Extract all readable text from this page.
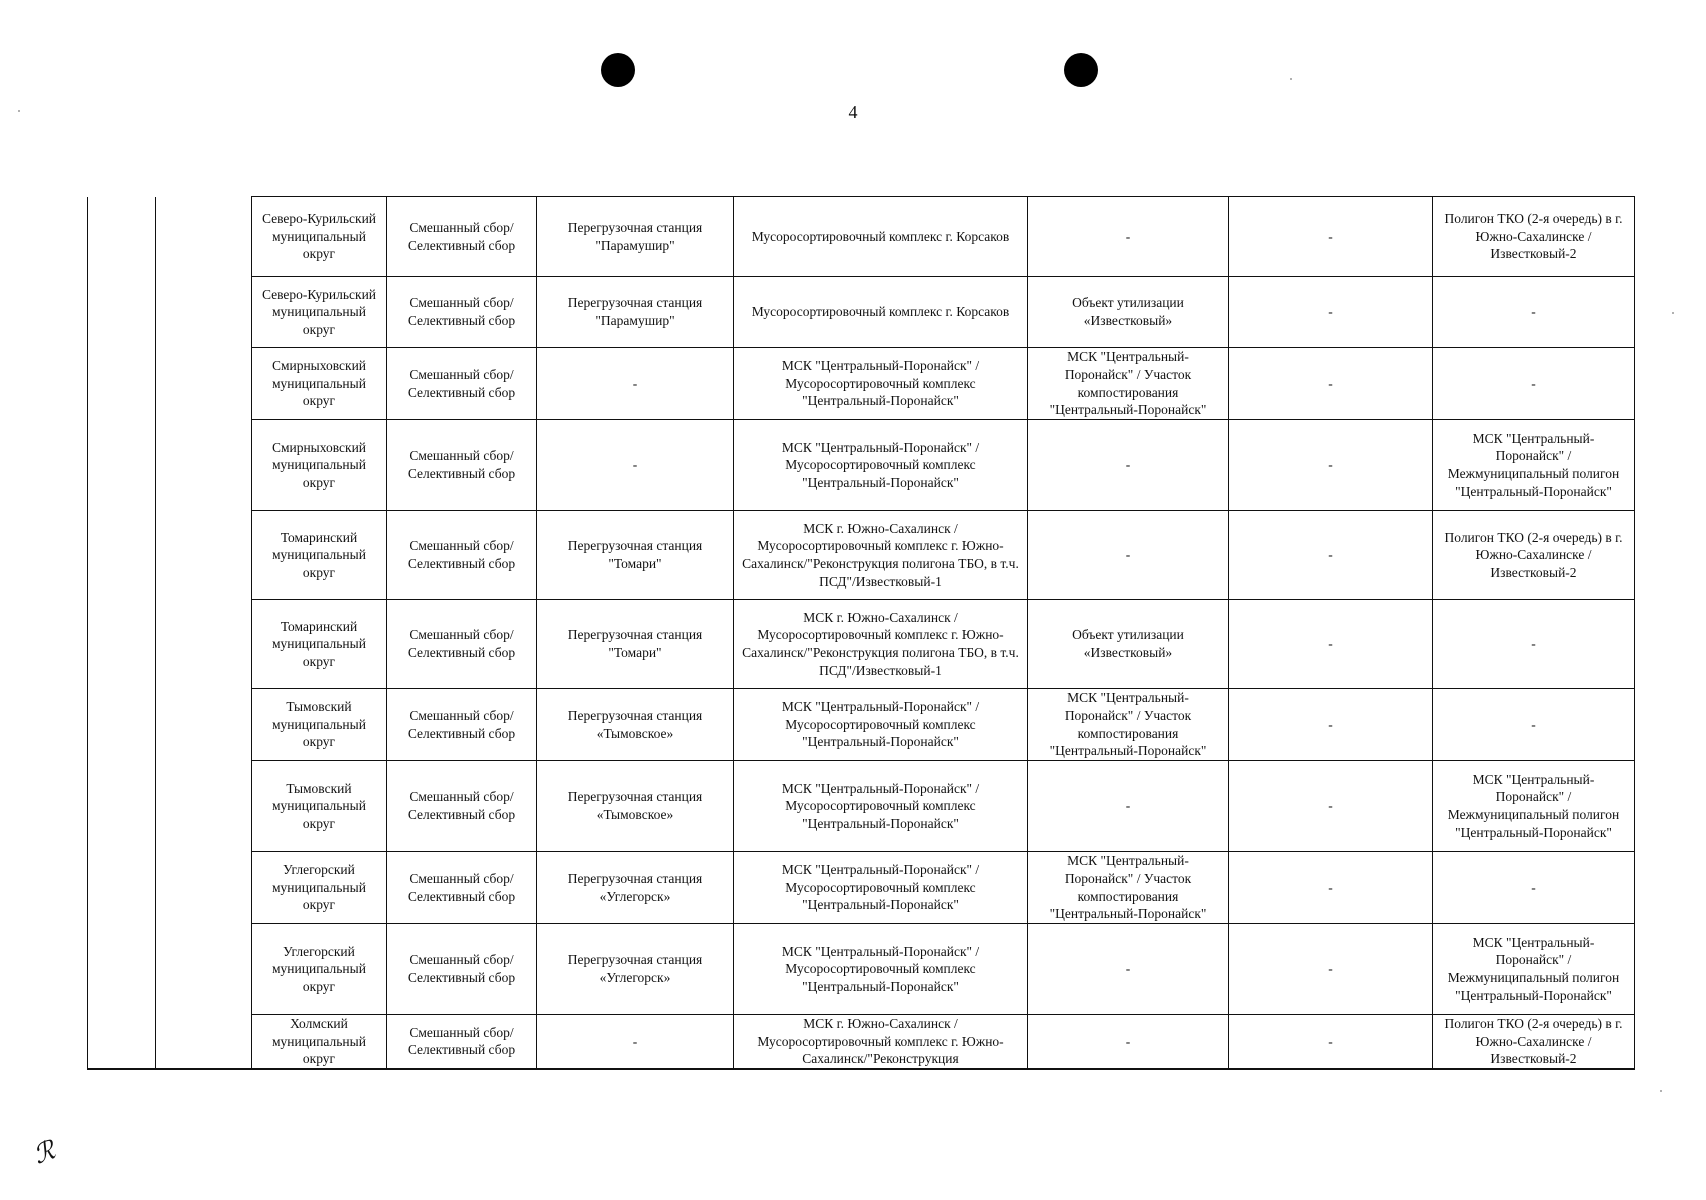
4
		Северо-Курильский муниципальный округ	Смешанный сбор/ Селективный сбор	Перегрузочная станция "Парамушир"	Мусоросортировочный комплекс г. Корсаков	-	-	Полигон ТКО (2-я очередь) в г. Южно-Сахалинске / Известковый-2
		Северо-Курильский муниципальный округ	Смешанный сбор/ Селективный сбор	Перегрузочная станция "Парамушир"	Мусоросортировочный комплекс г. Корсаков	Объект утилизации «Известковый»	-	-
		Смирныховский муниципальный округ	Смешанный сбор/ Селективный сбор	-	МСК "Центральный-Поронайск" / Мусоросортировочный комплекс "Центральный-Поронайск"	МСК "Центральный-Поронайск" / Участок компостирования "Центральный-Поронайск"	-	-
		Смирныховский муниципальный округ	Смешанный сбор/ Селективный сбор	-	МСК "Центральный-Поронайск" / Мусоросортировочный комплекс "Центральный-Поронайск"	-	-	МСК "Центральный-Поронайск" / Межмуниципальный полигон "Центральный-Поронайск"
		Томаринский муниципальный округ	Смешанный сбор/ Селективный сбор	Перегрузочная станция "Томари"	МСК г. Южно-Сахалинск / Мусоросортировочный комплекс г. Южно-Сахалинск/"Реконструкция полигона ТБО, в т.ч. ПСД"/Известковый-1	-	-	Полигон ТКО (2-я очередь) в г. Южно-Сахалинске / Известковый-2
		Томаринский муниципальный округ	Смешанный сбор/ Селективный сбор	Перегрузочная станция "Томари"	МСК г. Южно-Сахалинск / Мусоросортировочный комплекс г. Южно-Сахалинск/"Реконструкция полигона ТБО, в т.ч. ПСД"/Известковый-1	Объект утилизации «Известковый»	-	-
		Тымовский муниципальный округ	Смешанный сбор/ Селективный сбор	Перегрузочная станция «Тымовское»	МСК "Центральный-Поронайск" / Мусоросортировочный комплекс "Центральный-Поронайск"	МСК "Центральный-Поронайск" / Участок компостирования "Центральный-Поронайск"	-	-
		Тымовский муниципальный округ	Смешанный сбор/ Селективный сбор	Перегрузочная станция «Тымовское»	МСК "Центральный-Поронайск" / Мусоросортировочный комплекс "Центральный-Поронайск"	-	-	МСК "Центральный-Поронайск" / Межмуниципальный полигон "Центральный-Поронайск"
		Углегорский муниципальный округ	Смешанный сбор/ Селективный сбор	Перегрузочная станция «Углегорск»	МСК "Центральный-Поронайск" / Мусоросортировочный комплекс "Центральный-Поронайск"	МСК "Центральный-Поронайск" / Участок компостирования "Центральный-Поронайск"	-	-
		Углегорский муниципальный округ	Смешанный сбор/ Селективный сбор	Перегрузочная станция «Углегорск»	МСК "Центральный-Поронайск" / Мусоросортировочный комплекс "Центральный-Поронайск"	-	-	МСК "Центральный-Поронайск" / Межмуниципальный полигон "Центральный-Поронайск"
		Холмский муниципальный округ	Смешанный сбор/ Селективный сбор	-	МСК г. Южно-Сахалинск / Мусоросортировочный комплекс г. Южно-Сахалинск/"Реконструкция	-	-	Полигон ТКО (2-я очередь) в г. Южно-Сахалинске / Известковый-2
ℛ
